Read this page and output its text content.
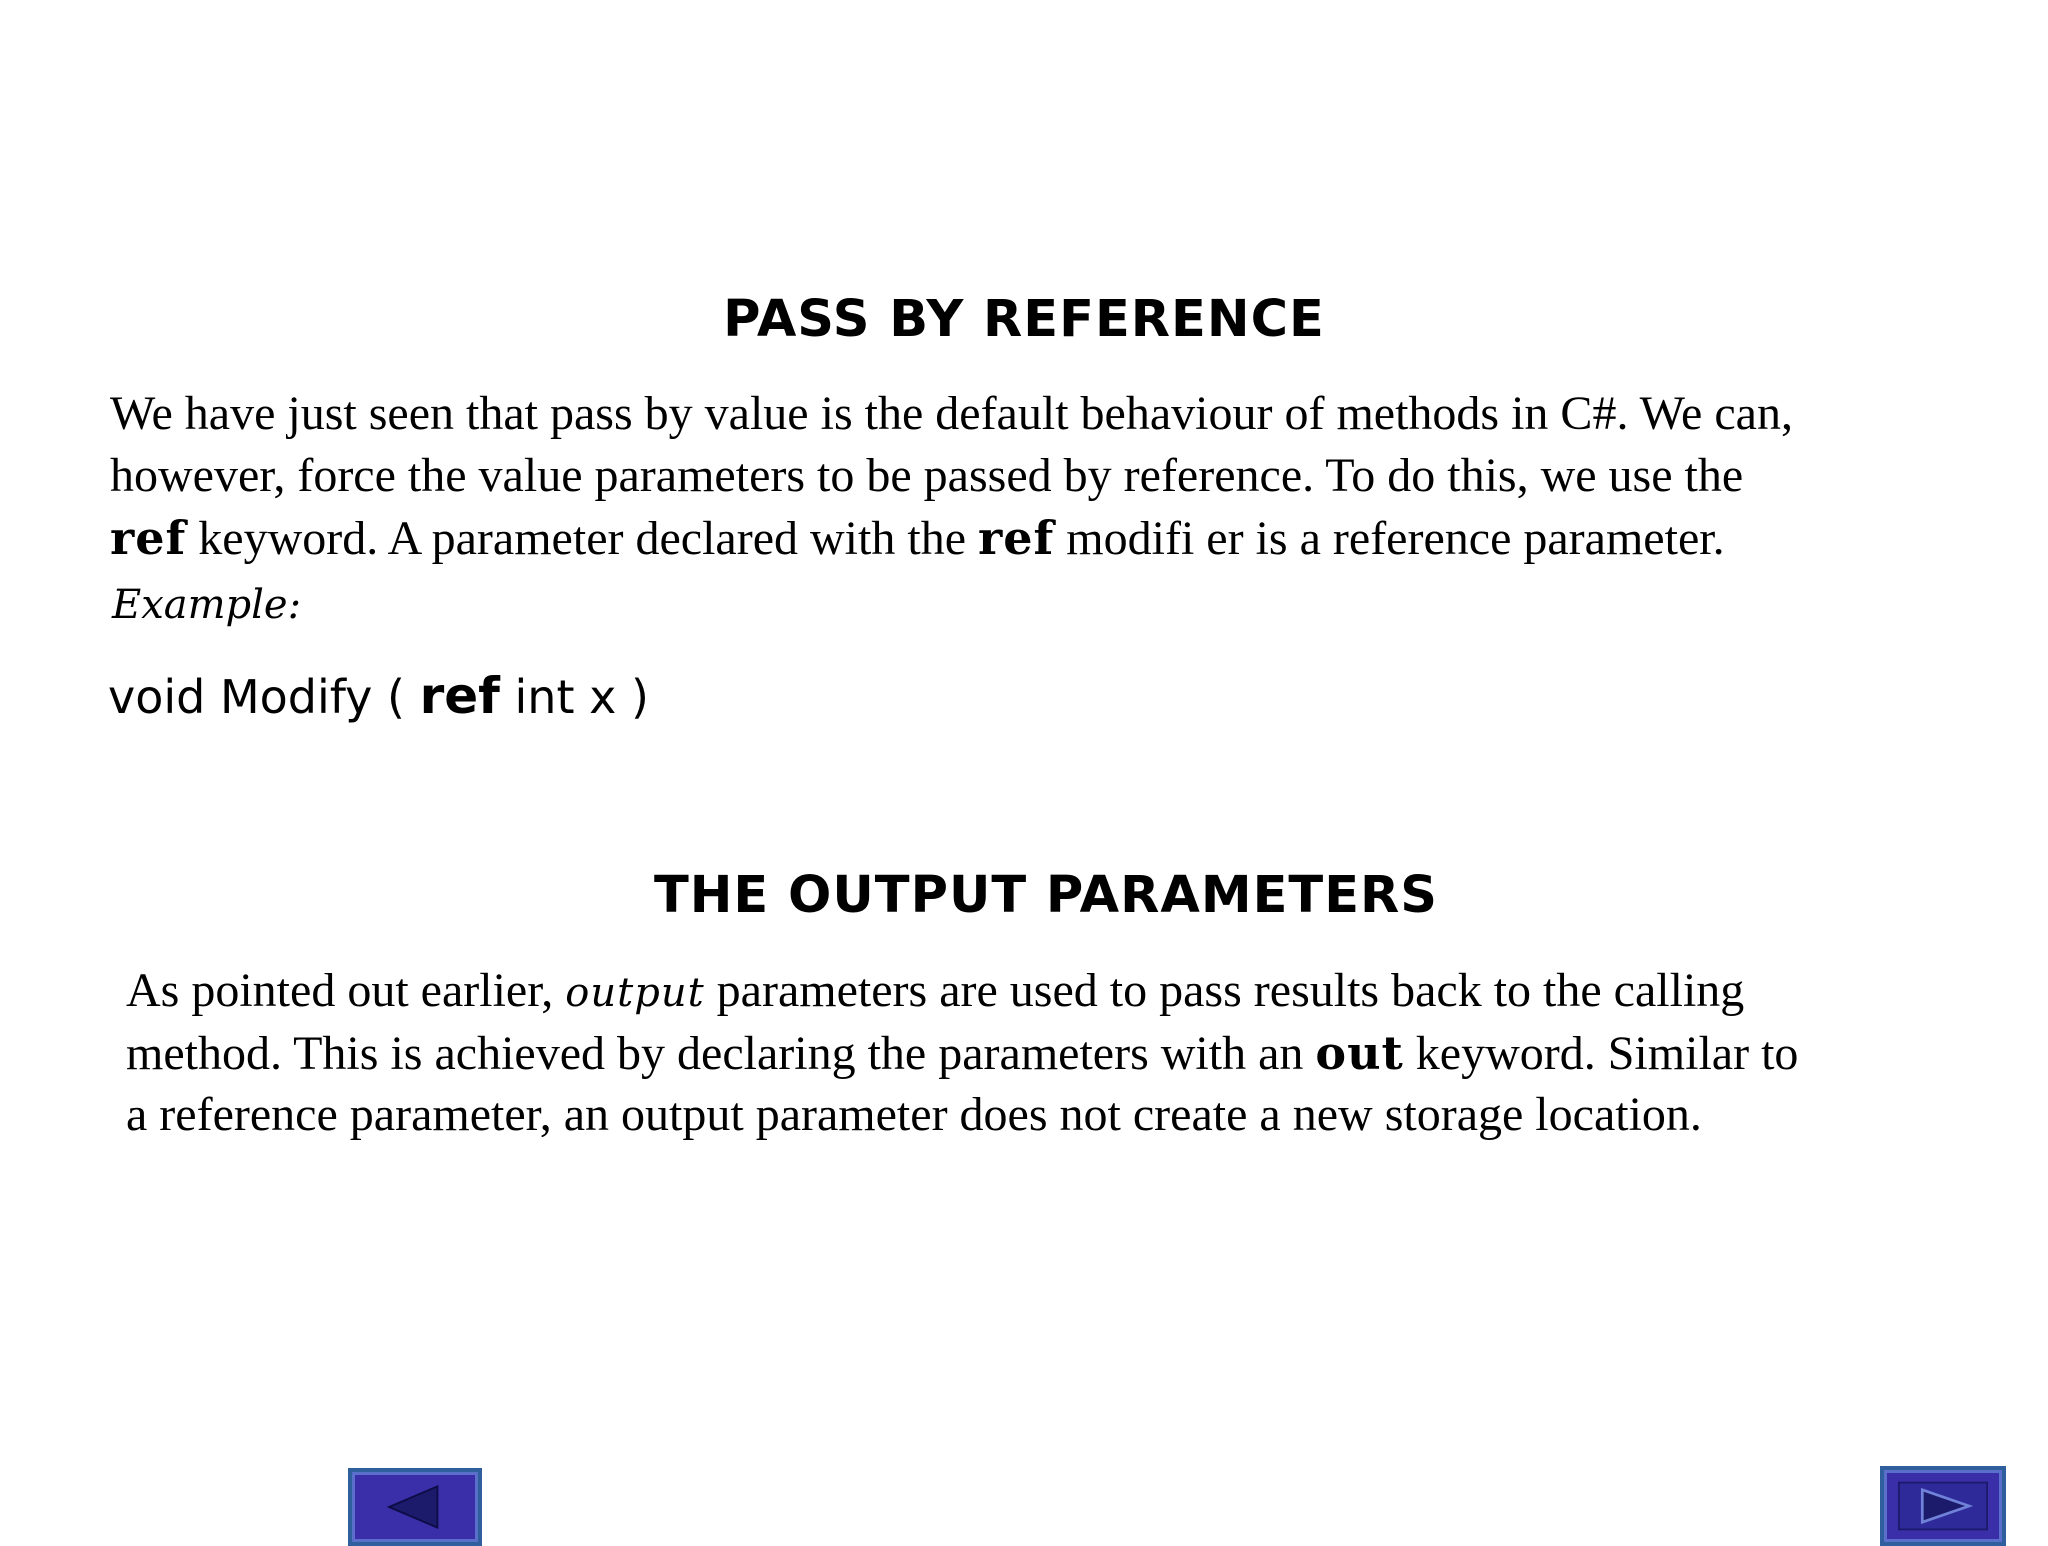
PASS BY REFERENCE
We have just seen that pass by value is the default behaviour of methods in C#. We can,
however, force the value parameters to be passed by reference. To do this, we use the
ref keyword. A parameter declared with the ref modifi er is a reference parameter.
Example:
void Modify ( ref int x )
THE OUTPUT PARAMETERS
As pointed out earlier, output parameters are used to pass results back to the calling
method. This is achieved by declaring the parameters with an out keyword. Similar to
a reference parameter, an output parameter does not create a new storage location.
